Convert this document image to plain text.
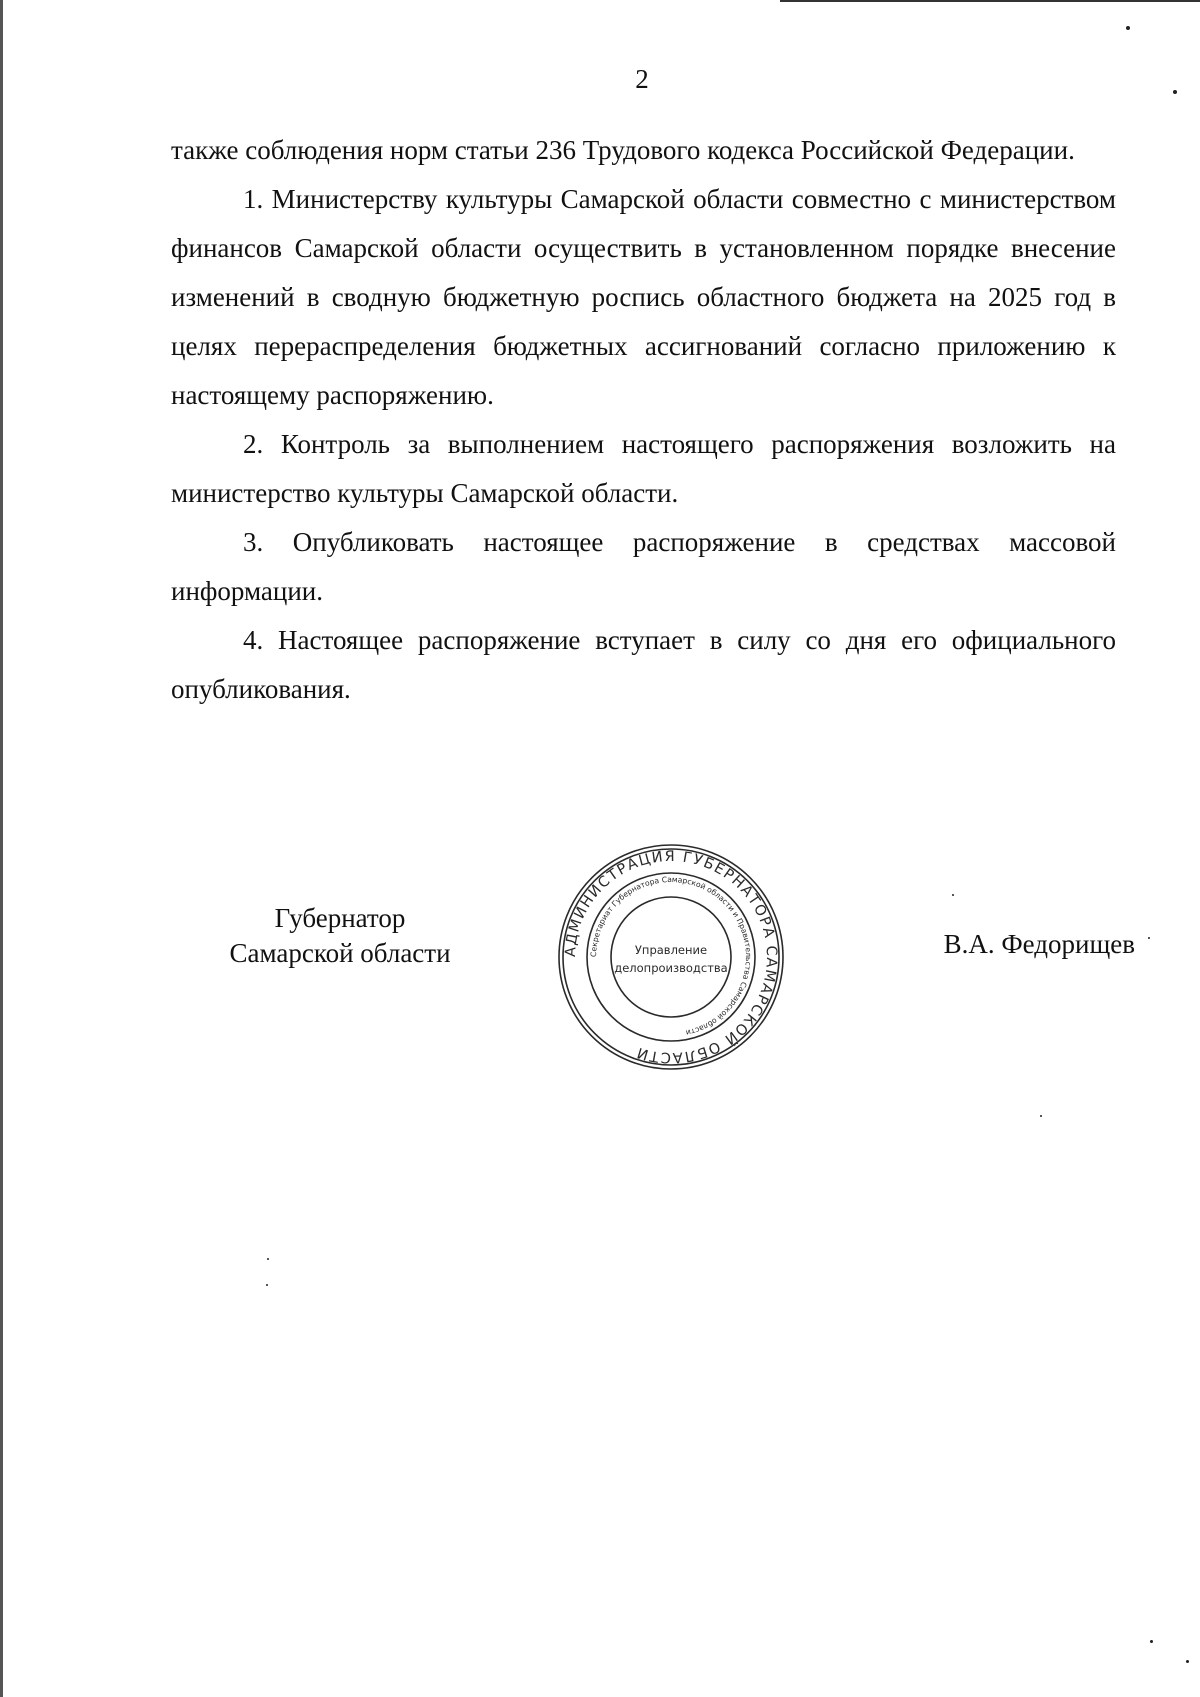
2

также соблюдения норм статьи 236 Трудового кодекса Российской Федерации.

1. Министерству культуры Самарской области совместно с министерством финансов Самарской области осуществить в установленном порядке внесение изменений в сводную бюджетную роспись областного бюджета на 2025 год в целях перераспределения бюджетных ассигнований согласно приложению к настоящему распоряжению.

2. Контроль за выполнением настоящего распоряжения возложить на министерство культуры Самарской области.

3. Опубликовать настоящее распоряжение в средствах массовой информации.

4. Настоящее распоряжение вступает в силу со дня его официального опубликования.

Губернатор
Самарской области	АДМИНИСТРАЦИЯ ГУБЕРНАТОРА САМАРСКОЙ ОБЛАСТИ
Секретариат Губернатора Самарской области и Правительства Самарской области
Управление
делопроизводства
В.А. Федорищев
